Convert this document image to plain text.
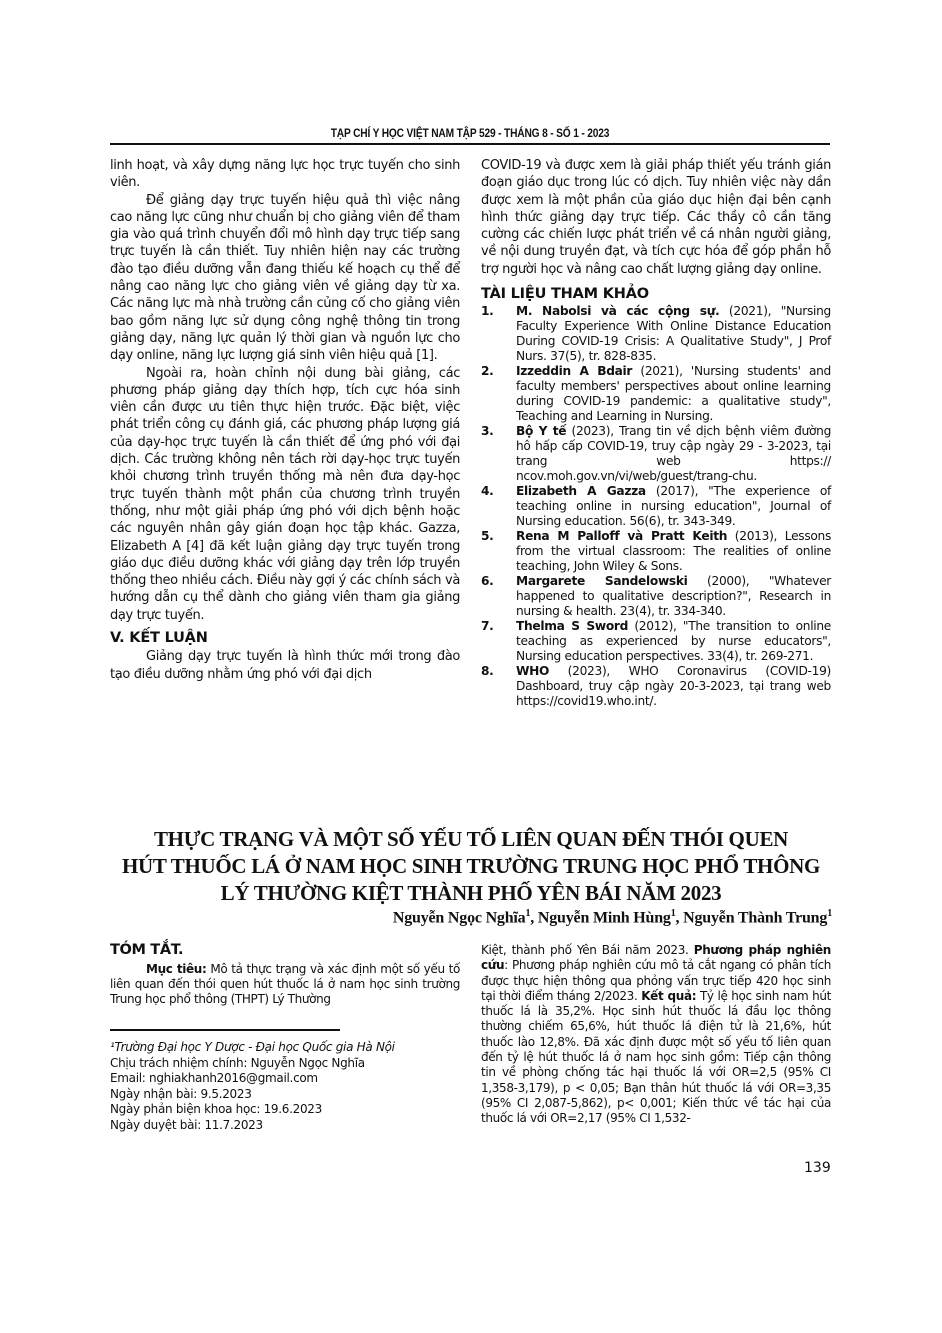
TẠP CHÍ Y HỌC VIỆT NAM TẬP 529 - THÁNG 8 - SỐ 1 - 2023

linh hoạt, và xây dựng năng lực học trực tuyến cho sinh viên.

Để giảng dạy trực tuyến hiệu quả thì việc nâng cao năng lực cũng như chuẩn bị cho giảng viên để tham gia vào quá trình chuyển đổi mô hình dạy trực tiếp sang trực tuyến là cần thiết. Tuy nhiên hiện nay các trường đào tạo điều dưỡng vẫn đang thiếu kế hoạch cụ thể để nâng cao năng lực cho giảng viên về giảng dạy từ xa. Các năng lực mà nhà trường cần củng cố cho giảng viên bao gồm năng lực sử dụng công nghệ thông tin trong giảng dạy, năng lực quản lý thời gian và nguồn lực cho dạy online, năng lực lượng giá sinh viên hiệu quả [1].

Ngoài ra, hoàn chỉnh nội dung bài giảng, các phương pháp giảng dạy thích hợp, tích cực hóa sinh viên cần được ưu tiên thực hiện trước. Đặc biệt, việc phát triển công cụ đánh giá, các phương pháp lượng giá của dạy-học trực tuyến là cần thiết để ứng phó với đại dịch. Các trường không nên tách rời dạy-học trực tuyến khỏi chương trình truyền thống mà nên đưa dạy-học trực tuyến thành một phần của chương trình truyền thống, như một giải pháp ứng phó với dịch bệnh hoặc các nguyên nhân gây gián đoạn học tập khác. Gazza, Elizabeth A [4] đã kết luận giảng dạy trực tuyến trong giáo dục điều dưỡng khác với giảng dạy trên lớp truyền thống theo nhiều cách. Điều này gợi ý các chính sách và hướng dẫn cụ thể dành cho giảng viên tham gia giảng dạy trực tuyến.

V. KẾT LUẬN

Giảng dạy trực tuyến là hình thức mới trong đào tạo điều dưỡng nhằm ứng phó với đại dịch

COVID-19 và được xem là giải pháp thiết yếu tránh gián đoạn giáo dục trong lúc có dịch. Tuy nhiên việc này dần được xem là một phần của giáo dục hiện đại bên cạnh hình thức giảng dạy trực tiếp. Các thầy cô cần tăng cường các chiến lược phát triển về cá nhân người giảng, về nội dung truyền đạt, và tích cực hóa để góp phần hỗ trợ người học và nâng cao chất lượng giảng dạy online.

TÀI LIỆU THAM KHẢO
1. M. Nabolsi và các cộng sự. (2021), "Nursing Faculty Experience With Online Distance Education During COVID-19 Crisis: A Qualitative Study", J Prof Nurs. 37(5), tr. 828-835.
2. Izzeddin A Bdair (2021), 'Nursing students' and faculty members' perspectives about online learning during COVID-19 pandemic: a qualitative study", Teaching and Learning in Nursing.
3. Bộ Y tế (2023), Trang tin về dịch bệnh viêm đường hô hấp cấp COVID-19, truy cập ngày 29 - 3-2023, tại trang web https:// ncov.moh.gov.vn/vi/web/guest/trang-chu.
4. Elizabeth A Gazza (2017), "The experience of teaching online in nursing education", Journal of Nursing education. 56(6), tr. 343-349.
5. Rena M Palloff và Pratt Keith (2013), Lessons from the virtual classroom: The realities of online teaching, John Wiley & Sons.
6. Margarete Sandelowski (2000), "Whatever happened to qualitative description?", Research in nursing & health. 23(4), tr. 334-340.
7. Thelma S Sword (2012), "The transition to online teaching as experienced by nurse educators", Nursing education perspectives. 33(4), tr. 269-271.
8. WHO (2023), WHO Coronavirus (COVID-19) Dashboard, truy cập ngày 20-3-2023, tại trang web https://covid19.who.int/.
THỰC TRẠNG VÀ MỘT SỐ YẾU TỐ LIÊN QUAN ĐẾN THÓI QUEN
HÚT THUỐC LÁ Ở NAM HỌC SINH TRƯỜNG TRUNG HỌC PHỔ THÔNG
LÝ THƯỜNG KIỆT THÀNH PHỐ YÊN BÁI NĂM 2023
Nguyễn Ngọc Nghĩa$^1$, Nguyễn Minh Hùng$^1$, Nguyễn Thành Trung$^1$
TÓM TẮT.

Mục tiêu: Mô tả thực trạng và xác định một số yếu tố liên quan đến thói quen hút thuốc lá ở nam học sinh trường Trung học phổ thông (THPT) Lý Thường

¹Trường Đại học Y Dược - Đại học Quốc gia Hà Nội
Chịu trách nhiệm chính: Nguyễn Ngọc Nghĩa
Email: nghiakhanh2016@gmail.com
Ngày nhận bài: 9.5.2023
Ngày phản biện khoa học: 19.6.2023
Ngày duyệt bài: 11.7.2023

Kiệt, thành phố Yên Bái năm 2023. Phương pháp nghiên cứu: Phương pháp nghiên cứu mô tả cắt ngang có phân tích được thực hiện thông qua phỏng vấn trực tiếp 420 học sinh tại thời điểm tháng 2/2023. Kết quả: Tỷ lệ học sinh nam hút thuốc lá là 35,2%. Học sinh hút thuốc lá đầu lọc thông thường chiếm 65,6%, hút thuốc lá điện tử là 21,6%, hút thuốc lào 12,8%. Đã xác định được một số yếu tố liên quan đến tỷ lệ hút thuốc lá ở nam học sinh gồm: Tiếp cận thông tin về phòng chống tác hại thuốc lá với OR=2,5 (95% CI 1,358-3,179), p < 0,05; Bạn thân hút thuốc lá với OR=3,35 (95% CI 2,087-5,862), p< 0,001; Kiến thức về tác hại của thuốc lá với OR=2,17 (95% CI 1,532-

139
